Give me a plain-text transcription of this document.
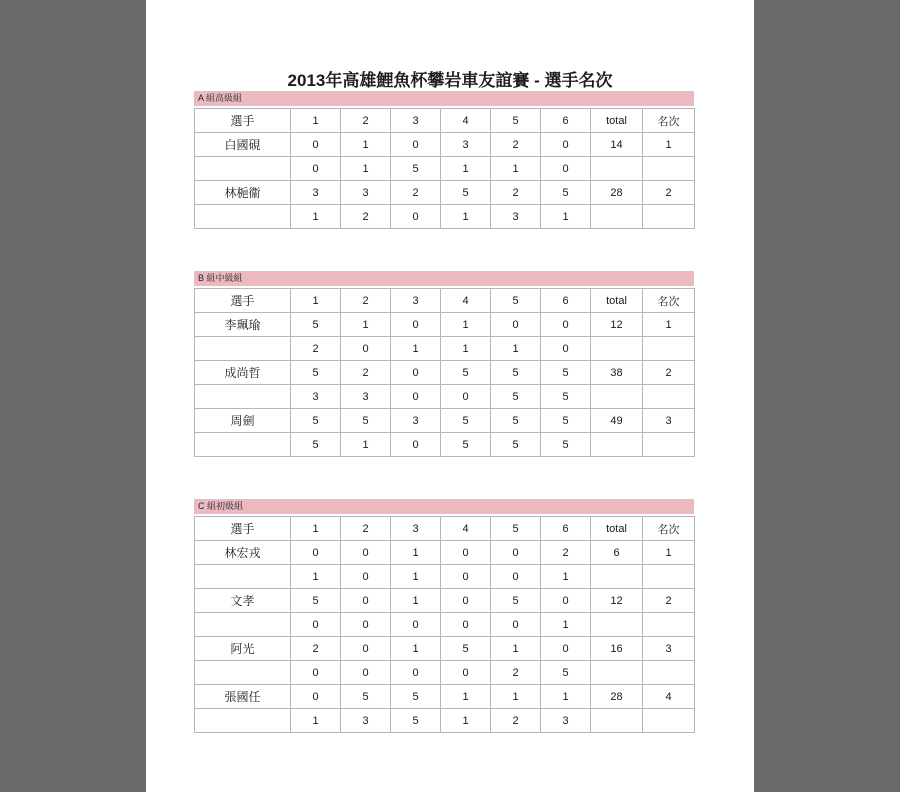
2013年高雄鯉魚杯攀岩車友誼賽 - 選手名次
A 組高級組
選手	1	2	3	4	5	6	total	名次
白國硯	0	1	0	3	2	0	14	1
	0	1	5	1	1	0		
林梔衞	3	3	2	5	2	5	28	2
	1	2	0	1	3	1		
B 組中級組
選手	1	2	3	4	5	6	total	名次
李珮瑜	5	1	0	1	0	0	12	1
	2	0	1	1	1	0		
成尚哲	5	2	0	5	5	5	38	2
	3	3	0	0	5	5		
周劍	5	5	3	5	5	5	49	3
	5	1	0	5	5	5		
C 組初級組
選手	1	2	3	4	5	6	total	名次
林宏戎	0	0	1	0	0	2	6	1
	1	0	1	0	0	1		
文孝	5	0	1	0	5	0	12	2
	0	0	0	0	0	1		
阿光	2	0	1	5	1	0	16	3
	0	0	0	0	2	5		
張國任	0	5	5	1	1	1	28	4
	1	3	5	1	2	3		
